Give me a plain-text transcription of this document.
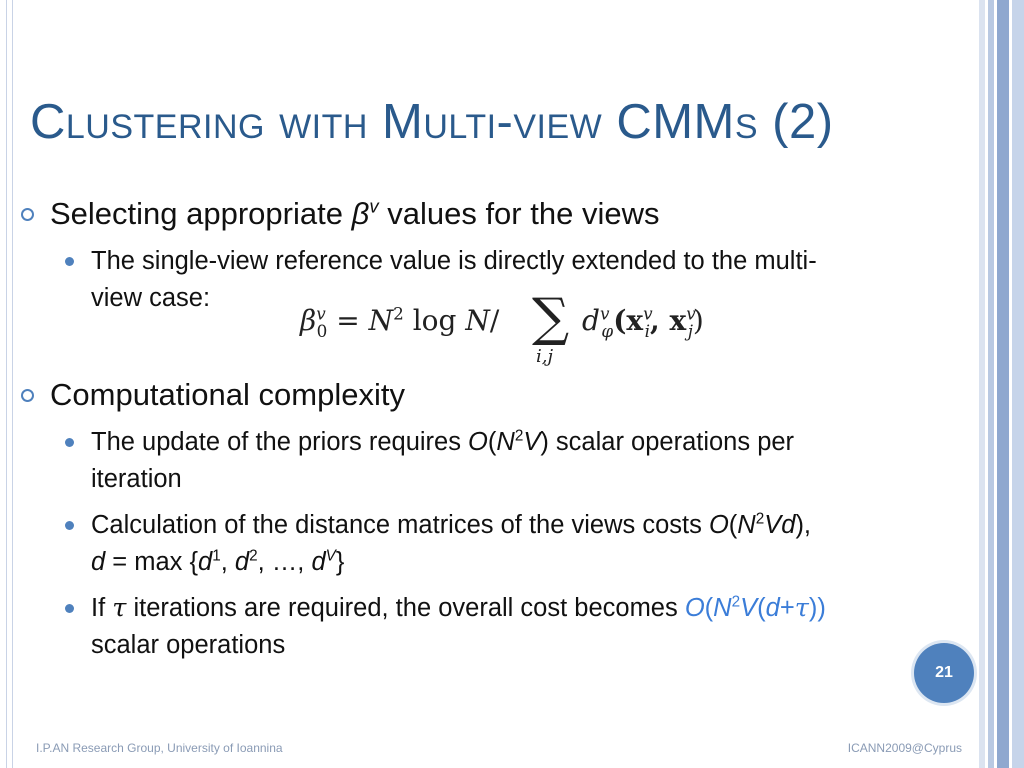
Clustering with Multi-view CMMs (2)
Selecting appropriate $\beta^v$ values for the views
The single-view reference value is directly extended to the multi-
view case:
$\beta^v_0 = N^2$ log N/ ∑
i,j
$d^v_\varphi(x^v_i$, $x^v_j$)
Computational complexity
The update of the priors requires $O(N^2V)$ scalar operations per
iteration
Calculation of the distance matrices of the views costs $O(N^2Vd)$,
$d = \max \{d^1$, $d^2$, …, $d^V$}
If τ iterations are required, the overall cost becomes $O(N^2V(d+\tau))$
scalar operations
21
I.P.AN Research Group, University of Ioannina	ICANN2009@Cyprus
